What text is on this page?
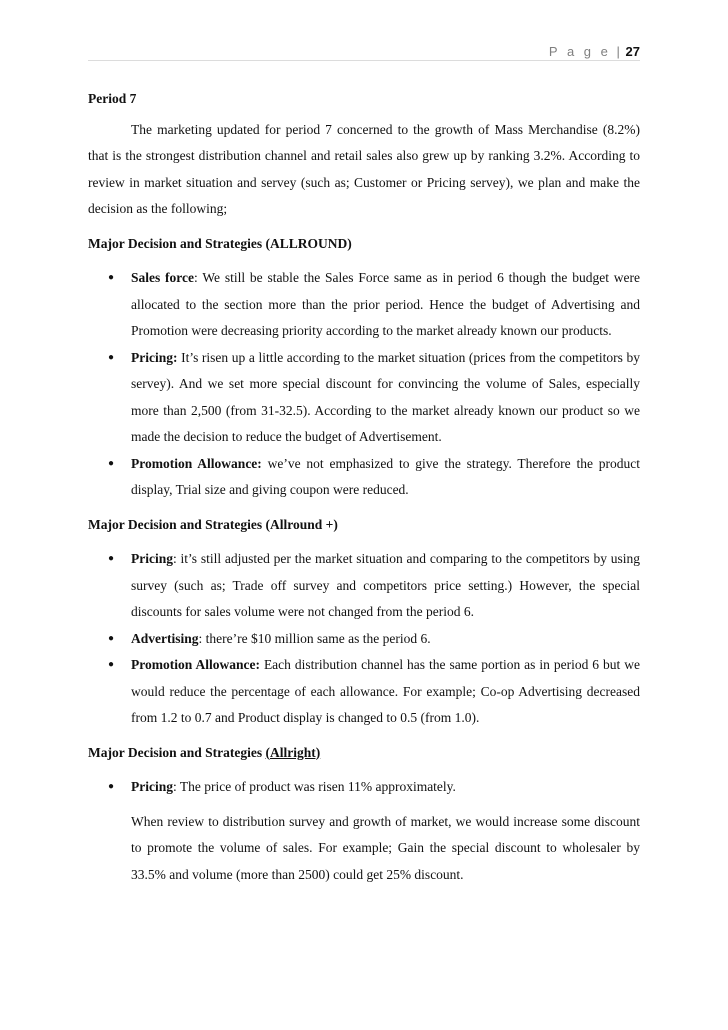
P a g e | 27
Period 7

The marketing updated for period 7 concerned to the growth of Mass Merchandise (8.2%) that is the strongest distribution channel and retail sales also grew up by ranking 3.2%. According to review in market situation and servey (such as; Customer or Pricing servey), we plan and make the decision as the following;

Major Decision and Strategies (ALLROUND)
● Sales force: We still be stable the Sales Force same as in period 6 though the budget were allocated to the section more than the prior period. Hence the budget of Advertising and Promotion were decreasing priority according to the market already known our products.
● Pricing: It’s risen up a little according to the market situation (prices from the competitors by servey). And we set more special discount for convincing the volume of Sales, especially more than 2,500 (from 31-32.5). According to the market already known our product so we made the decision to reduce the budget of Advertisement.
● Promotion Allowance: we’ve not emphasized to give the strategy. Therefore the product display, Trial size and giving coupon were reduced.
Major Decision and Strategies (Allround +)
● Pricing: it’s still adjusted per the market situation and comparing to the competitors by using survey (such as; Trade off survey and competitors price setting.) However, the special discounts for sales volume were not changed from the period 6.
● Advertising: there’re $10 million same as the period 6.
● Promotion Allowance: Each distribution channel has the same portion as in period 6 but we would reduce the percentage of each allowance. For example; Co-op Advertising decreased from 1.2 to 0.7 and Product display is changed to 0.5 (from 1.0).
Major Decision and Strategies (Allright)
● Pricing: The price of product was risen 11% approximately.

When review to distribution survey and growth of market, we would increase some discount to promote the volume of sales. For example; Gain the special discount to wholesaler by 33.5% and volume (more than 2500) could get 25% discount.
